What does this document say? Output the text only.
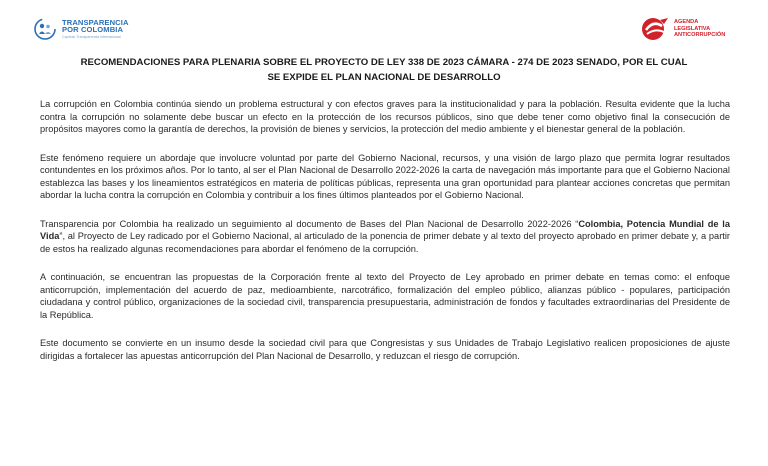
TRANSPARENCIA
POR COLOMBIA
Capítulo Transparencia Internacional
AGENDA
LEGISLATIVA
ANTICORRUPCIÓN
RECOMENDACIONES PARA PLENARIA SOBRE EL PROYECTO DE LEY 338 DE 2023 CÁMARA - 274 DE 2023 SENADO, POR EL CUAL
SE EXPIDE EL PLAN NACIONAL DE DESARROLLO

La corrupción en Colombia continúa siendo un problema estructural y con efectos graves para la institucionalidad y para la población. Resulta evidente que la lucha contra la corrupción no solamente debe buscar un efecto en la protección de los recursos públicos, sino que debe tener como objetivo final la consecución de propósitos mayores como la garantía de derechos, la provisión de bienes y servicios, la protección del medio ambiente y el bienestar general de la población.

Este fenómeno requiere un abordaje que involucre voluntad por parte del Gobierno Nacional, recursos, y una visión de largo plazo que permita lograr resultados contundentes en los próximos años. Por lo tanto, al ser el Plan Nacional de Desarrollo 2022-2026 la carta de navegación más importante para que el Gobierno Nacional establezca las bases y los lineamientos estratégicos en materia de políticas públicas, representa una gran oportunidad para plantear acciones concretas que permitan abordar la lucha contra la corrupción en Colombia y contribuir a los fines últimos planteados por el Gobierno Nacional.

Transparencia por Colombia ha realizado un seguimiento al documento de Bases del Plan Nacional de Desarrollo 2022-2026 “Colombia, Potencia Mundial de la Vida”, al Proyecto de Ley radicado por el Gobierno Nacional, al articulado de la ponencia de primer debate y al texto del proyecto aprobado en primer debate y, a partir de estos ha realizado algunas recomendaciones para abordar el fenómeno de la corrupción.

A continuación, se encuentran las propuestas de la Corporación frente al texto del Proyecto de Ley aprobado en primer debate en temas como: el enfoque anticorrupción, implementación del acuerdo de paz, medioambiente, narcotráfico, formalización del empleo público, alianzas público - populares, participación ciudadana y control público, organizaciones de la sociedad civil, transparencia presupuestaria, administración de fondos y facultades extraordinarias del Presidente de la República.

Este documento se convierte en un insumo desde la sociedad civil para que Congresistas y sus Unidades de Trabajo Legislativo realicen proposiciones de ajuste dirigidas a fortalecer las apuestas anticorrupción del Plan Nacional de Desarrollo, y reduzcan el riesgo de corrupción.
